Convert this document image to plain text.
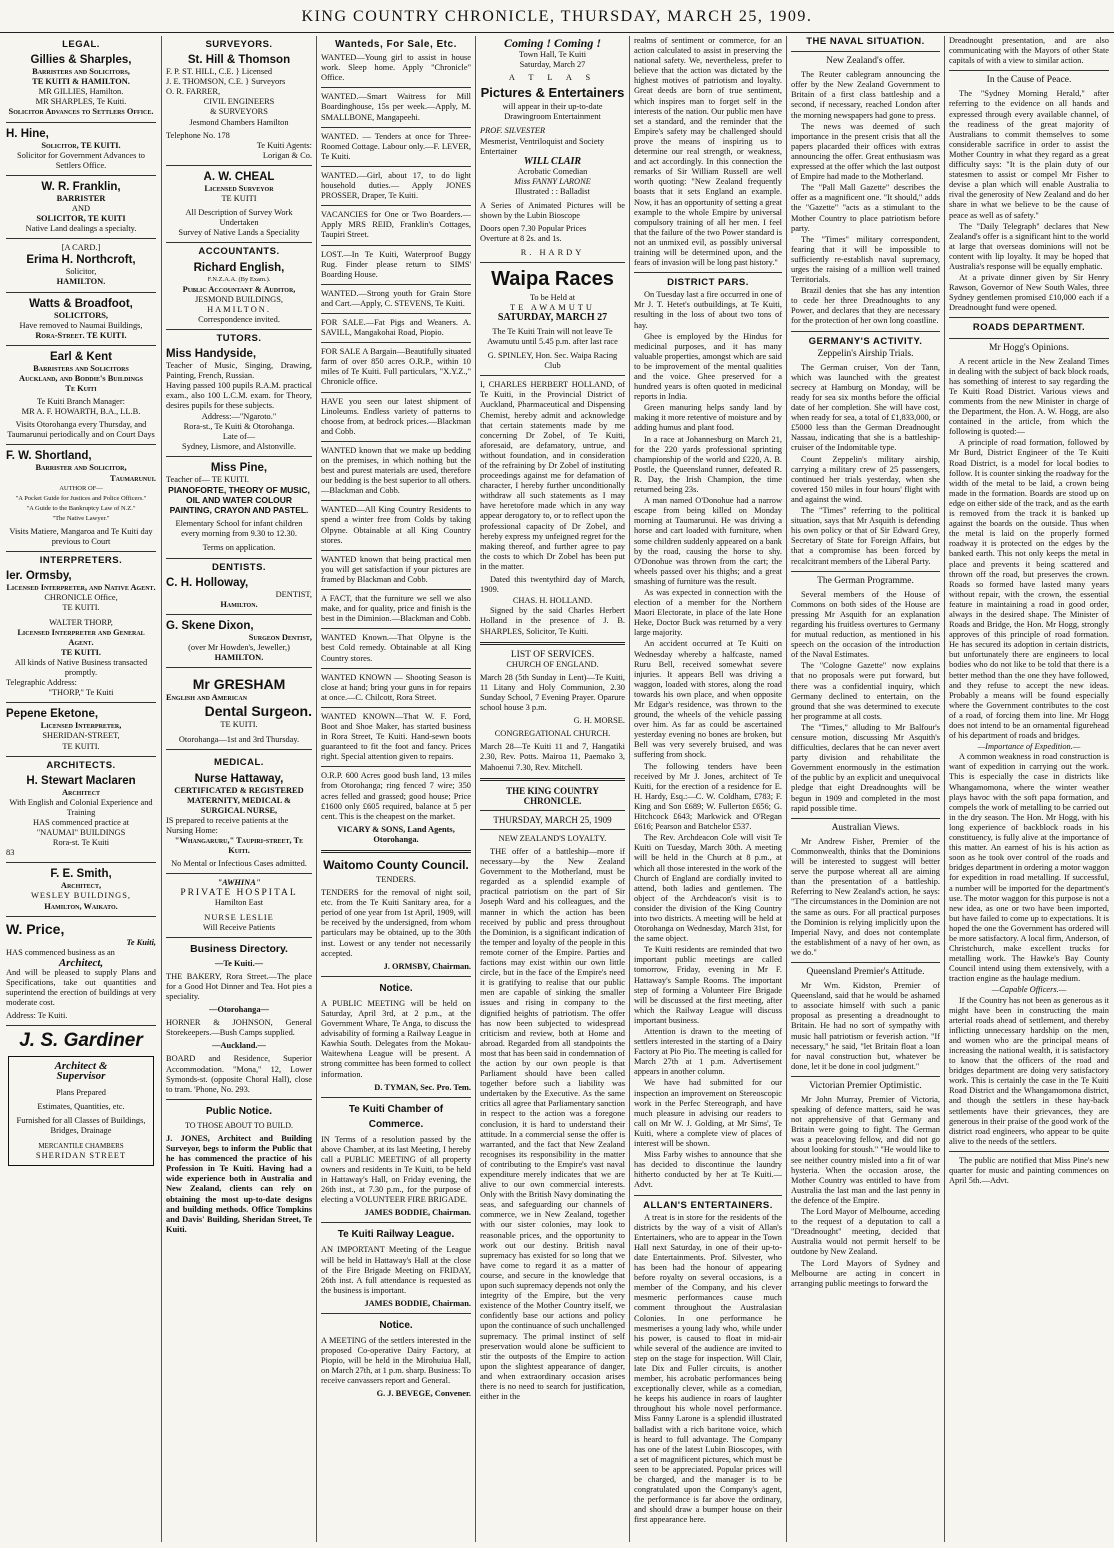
KING COUNTRY CHRONICLE, THURSDAY, MARCH 25, 1909.
LEGAL.
Gillies & Sharples,
Barristers and Solicitors,
TE KUITI & HAMILTON.
MR GILLIES, Hamilton.
MR SHARPLES, Te Kuiti.
Solicitor Advances to Settlers Office.
H. Hine,
Solicitor, TE KUITI.
Solicitor for Government Advances to Settlers Office.
W. R. Franklin,
BARRISTER
AND
SOLICITOR, TE KUITI
Native Land dealings a specialty.
[A CARD.]
Erima H. Northcroft,
Solicitor,
HAMILTON.
Watts & Broadfoot,
SOLICITORS,
Have removed to Naumai Buildings,
Rora-Street. TE KUITI.
Earl & Kent
Barristers and Solicitors
Auckland, and Boddie's Buildings
Te Kuiti
Te Kuiti Branch Manager:
MR A. F. HOWARTH, B.A., LL.B.
Visits Otorohanga every Thursday, and Taumarunui periodically and on Court Days
F. W. Shortland,
Barrister and Solicitor,
Taumarunui.
AUTHOR OF—
"A Pocket Guide for Justices and Police Officers."
"A Guide to the Bankruptcy Law of N.Z."
"The Native Lawyer."
Visits Matiere, Mangaroa and Te Kuiti day previous to Court
INTERPRETERS.
Ier. Ormsby,
Licensed Interpreter, and Native Agent.
CHRONICLE Office,
TE KUITI.
WALTER THORP,
Licensed Interpreter and General Agent.
TE KUITI.
All kinds of Native Business transacted promptly.
Telegraphic Address:
"THORP," Te Kuiti
Pepene Eketone,
Licensed Interpreter,
SHERIDAN-STREET,
TE KUITI.
ARCHITECTS.
H. Stewart Maclaren
Architect
With English and Colonial Experience and Training
HAS commenced practice at
"NAUMAI" BUILDINGS
Rora-st. Te Kuiti
83
F. E. Smith,
Architect,
WESLEY BUILDINGS,
Hamilton, Waikato.
W. Price,
Te Kuiti,
HAS commenced business as an
Architect,
And will be pleased to supply Plans and Specifications, take out quantities and superintend the erection of buildings at very moderate cost.
Address: Te Kuiti.
J. S. Gardiner
Architect &
Supervisor
Plans Prepared
Estimates, Quantities, etc.
Furnished for all Classes of Buildings, Bridges, Drainage
MERCANTILE CHAMBERS
SHERIDAN STREET
SURVEYORS.
St. Hill & Thomson
F. P. ST. HILL, C.E. } Licensed
J. E. THOMSON, C.E. } Surveyors
O. R. FARRER,
CIVIL ENGINEERS
& SURVEYORS
Jesmond Chambers Hamilton
Telephone No. 178
Te Kuiti Agents:
Lorigan & Co.
A. W. CHEAL
Licensed Surveyor
TE KUITI
All Description of Survey Work Undertaken
Survey of Native Lands a Speciality
ACCOUNTANTS.
Richard English,
F.N.Z.A.A. (By Exam.).
Public Accountant & Auditor,
JESMOND BUILDINGS,
HAMILTON.
Correspondence invited.
TUTORS.
Miss Handyside,
Teacher of Music, Singing, Drawing, Painting, French, Russian.
Having passed 100 pupils R.A.M. practical exam., also 100 L.C.M. exam. for Theory, desires pupils for these subjects.
Address:—"Ngaroto."
Rora-st., Te Kuiti & Otorohanga.
Late of—
Sydney, Lismore, and Alstonville.
Miss Pine,
Teacher of— TE KUITI.
PIANOFORTE, THEORY OF MUSIC, OIL AND WATER COLOUR PAINTING, CRAYON AND PASTEL.
Elementary School for infant children every morning from 9.30 to 12.30.
Terms on application.
DENTISTS.
C. H. Holloway,
DENTIST,
Hamilton.
G. Skene Dixon,
Surgeon Dentist,
(over Mr Howden's, Jeweller,)
HAMILTON.
Mr GRESHAM
English and American
Dental Surgeon.
TE KUITI.
Otorohanga—1st and 3rd Thursday.
MEDICAL.
Nurse Hattaway,
CERTIFICATED & REGISTERED MATERNITY, MEDICAL & SURGICAL NURSE,
IS prepared to receive patients at the Nursing Home:
"Whangaruru," Taupiri-street, Te Kuiti.
No Mental or Infectious Cases admitted.
"AWHINA"
PRIVATE HOSPITAL
Hamilton East
NURSE LESLIE
Will Receive Patients
Business Directory.
—Te Kuiti.—
THE BAKERY, Rora Street.—The place for a Good Hot Dinner and Tea. Hot pies a speciality.
—Otorohanga—
HORNER & JOHNSON, General Storekeepers.—Bush Camps supplied.
—Auckland.—
BOARD and Residence, Superior Accommodation. "Mona," 12, Lower Symonds-st. (opposite Choral Hall), close to tram. 'Phone, No. 293.
Public Notice.
TO THOSE ABOUT TO BUILD.
J. JONES, Architect and Building Surveyor, begs to inform the Public that he has commenced the practice of his Profession in Te Kuiti. Having had a wide experience both in Australia and New Zealand, clients can rely on obtaining the most up-to-date designs and building methods. Office Tompkins and Davis' Building, Sheridan Street, Te Kuiti.
Wanteds, For Sale, Etc.
WANTED—Young girl to assist in house work. Sleep home. Apply "Chronicle" Office.
WANTED.—Smart Waitress for Mill Boardinghouse, 15s per week.—Apply, M. SMALLBONE, Mangapeehi.
WANTED. — Tenders at once for Three-Roomed Cottage. Labour only.—F. LEVER, Te Kuiti.
WANTED.—Girl, about 17, to do light household duties.— Apply JONES PROSSER, Draper, Te Kuiti.
VACANCIES for One or Two Boarders.—Apply MRS REID, Franklin's Cottages, Taupiri Street.
LOST.—In Te Kuiti, Waterproof Buggy Rug. Finder please return to SIMS' Boarding House.
WANTED.—Strong youth for Grain Store and Cart.—Apply, C. STEVENS, Te Kuiti.
FOR SALE.—Fat Pigs and Weaners. A. SAVILL, Mangakohai Road, Piopio.
FOR SALE A Bargain—Beautifully situated farm of over 850 acres O.R.P., within 10 miles of Te Kuiti. Full particulars, "X.Y.Z.," Chronicle office.
HAVE you seen our latest shipment of Linoleums. Endless variety of patterns to choose from, at bedrock prices.—Blackman and Cobb.
WANTED known that we make up bedding on the premises, in which nothing but the best and purest materials are used, therefore our bedding is the best superior to all others.—Blackman and Cobb.
WANTED—All King Country Residents to spend a winter free from Colds by taking Olpyne. Obtainable at all King Country stores.
WANTED known that being practical men you will get satisfaction if your pictures are framed by Blackman and Cobb.
A FACT, that the furniture we sell we also make, and for quality, price and finish is the best in the Diminion.—Blackman and Cobb.
WANTED Known.—That Olpyne is the best Cold remedy. Obtainable at all King Country stores.
WANTED KNOWN — Shooting Season is close at hand; bring your guns in for repairs at once.—C. Chilcott, Rora Street.
WANTED KNOWN—That W. F. Ford, Boot and Shoe Maker, has started business in Rora Street, Te Kuiti. Hand-sewn boots guaranteed to fit the foot and fancy. Prices right. Special attention given to repairs.
O.R.P. 600 Acres good bush land, 13 miles from Otorohanga; ring fenced 7 wire; 350 acres felled and grassed; good house; Price £1600 only £605 required, balance at 5 per cent. This is the cheapest on the market.
VICARY & SONS, Land Agents, Otorohanga.
Waitomo County Council.
TENDERS.
TENDERS for the removal of night soil, etc. from the Te Kuiti Sanitary area, for a period of one year from 1st April, 1909, will be received by the undersigned, from whom particulars may be obtained, up to the 30th inst. Lowest or any tender not necessarily accepted.
J. ORMSBY, Chairman.
Notice.
A PUBLIC MEETING will be held on Saturday, April 3rd, at 2 p.m., at the Government Whare, Te Anga, to discuss the advisability of forming a Railway League in Kawhia South. Delegates from the Mokau-Waitewhena League will be present. A strong committee has been formed to collect information.
D. TYMAN, Sec. Pro. Tem.
Te Kuiti Chamber of Commerce.
IN Terms of a resolution passed by the above Chamber, at its last Meeting, I hereby call a PUBLIC MEETING of all property owners and residents in Te Kuiti, to be held in Hattaway's Hall, on Friday evening, the 26th inst., at 7.30 p.m., for the purpose of electing a VOLUNTEER FIRE BRIGADE.
JAMES BODDIE, Chairman.
Te Kuiti Railway League.
AN IMPORTANT Meeting of the League will be held in Hattaway's Hall at the close of the Fire Brigade Meeting on FRIDAY, 26th inst. A full attendance is requested as the business is important.
JAMES BODDIE, Chairman.
Notice.
A MEETING of the settlers interested in the proposed Co-operative Dairy Factory, at Piopio, will be held in the Mirohuiua Hall, on March 27th, at 1 p.m. sharp. Business: To receive canvassers report and General.
G. J. BEVEGE, Convener.
Coming ! Coming !
Town Hall, Te Kuiti
Saturday, March 27
A T L A S
Pictures & Entertainers
will appear in their up-to-date Drawingroom Entertainment
PROF. SILVESTER
Mesmerist, Ventriloquist and Society Entertainer
WILL CLAIR
Acrobatic Comedian
Miss FANNY LARONE
Illustrated : : Balladist
A Series of Animated Pictures will be shown by the Lubin Bioscope
Doors open 7.30 Popular Prices
Overture at 8 2s. and 1s.
R. HARDY
Waipa Races
To be Held at
TE AWAMUTU
SATURDAY, MARCH 27
The Te Kuiti Train will not leave Te Awamutu until 5.45 p.m. after last race
G. SPINLEY, Hon. Sec. Waipa Racing Club
I, CHARLES HERBERT HOLLAND, of Te Kuiti, in the Provincial District of Auckland, Pharmaceutical and Dispensing Chemist, hereby admit and acknowledge that certain statements made by me concerning Dr Zobel, of Te Kuiti, aforesaid, are defamatory, untrue, and without foundation, and in consideration of the refraining by Dr Zobel of instituting proceedings against me for defamation of character, I hereby further unconditionally withdraw all such statements as I may have heretofore made which in any way appear derogatory to, or to reflect upon the professional capacity of Dr Zobel, and hereby express my unfeigned regret for the making thereof, and further agree to pay the costs to which Dr Zobel has been put in the matter.
Dated this twentythird day of March, 1909.
CHAS. H. HOLLAND.
Signed by the said Charles Herbert Holland in the presence of J. B. SHARPLES, Solicitor, Te Kuiti.
LIST OF SERVICES.
CHURCH OF ENGLAND.
March 28 (5th Sunday in Lent)—Te Kuiti, 11 Litany and Holy Communion, 2.30 Sunday School, 7 Evening Prayer. Oparure school house 3 p.m.
G. H. MORSE.
CONGREGATIONAL CHURCH.
March 28—Te Kuiti 11 and 7, Hangatiki 2.30, Rev. Potts. Mairoa 11, Paemako 3, Mahoenui 7.30, Rev. Mitchell.
THE KING COUNTRY CHRONICLE.
THURSDAY, MARCH 25, 1909
NEW ZEALAND'S LOYALTY.
THE offer of a battleship—more if necessary—by the New Zealand Government to the Motherland, must be regarded as a splendid example of practical patriotism on the part of Sir Joseph Ward and his colleagues, and the manner in which the action has been received by public and press throughout the Dominion, is a significant indication of the temper and loyalty of the people in this remote corner of the Empire. Parties and factions may exist within our own little circle, but in the face of the Empire's need it is gratifying to realise that our public men are capable of sinking the smaller issues and rising in company to the dignified heights of patriotism. The offer has now been subjected to widespread criticism and review, both at Home and abroad. Regarded from all standpoints the most that has been said in condemnation of the action by our own people is that Parliament should have been called together before such a liability was undertaken by the Executive. As the same critics all agree that Parliamentary sanction in respect to the action was a foregone conclusion, it is hard to understand their attitude. In a commercial sense the offer is warranted, and the fact that New Zealand recognises its responsibility in the matter of contributing to the Empire's vast naval expenditure merely indicates that we are alive to our own commercial interests. Only with the British Navy dominating the seas, and safeguarding our channels of commerce, we in New Zealand, together with our sister colonies, may look to reasonable prices, and the opportunity to work out our destiny. British naval supremacy has existed for so long that we have come to regard it as a matter of course, and secure in the knowledge that upon such supremacy depends not only the integrity of the Empire, but the very existence of the Mother Country itself, we confidently base our actions and policy upon the continuance of such unchallenged supremacy. The primal instinct of self preservation would alone be sufficient to stir the outposts of the Empire to action upon the slightest appearance of danger, and when extraordinary occasion arises there is no need to search for justification, either in the
realms of sentiment or commerce, for an action calculated to assist in preserving the national safety. We, nevertheless, prefer to believe that the action was dictated by the highest motives of patriotism and loyalty. Great deeds are born of true sentiment, which inspires man to forget self in the interests of the nation. Our public men have set a standard, and the reminder that the Empire's safety may be challenged should prove the means of inspiring us to determine our real strength, or weakness, and act accordingly. In this connection the remarks of Sir William Russell are well worth quoting: "New Zealand frequently boasts that it sets England an example. Now, it has an opportunity of setting a great example to the whole Empire by universal compulsory training of all her men. I feel that the failure of the two Power standard is not an unmixed evil, as possibly universal training will be determined upon, and the fears of invasion will be long past history."
DISTRICT PARS.
On Tuesday last a fire occurred in one of Mr J. T. Hetet's outbuildings, at Te Kuiti, resulting in the loss of about two tons of hay.
Ghee is employed by the Hindus for medicinal purposes, and it has many valuable properties, amongst which are said to be improvement of the mental qualities and the voice. Ghee preserved for a hundred years is often quoted in medicinal reports in India.
Green manuring helps sandy land by making it more retentive of moisture and by adding humus and plant food.
In a race at Johannesburg on March 21, for the 220 yards professional sprinting championship of the world and £220, A. B. Postle, the Queensland runner, defeated R. R. Day, the Irish Champion, the time returned being 23s.
A man named O'Donohue had a narrow escape from being killed on Monday morning at Taumarunui. He was driving a horse and cart loaded with furniture, when some children suddenly appeared on a bank by the road, causing the horse to shy. O'Donohue was thrown from the cart; the wheels passed over his thighs; and a great smashing of furniture was the result.
As was expected in connection with the election of a member for the Northern Maori Electorate, in place of the late Hone Heke, Doctor Buck was returned by a very large majority.
An accident occurred at Te Kuiti on Wednesday whereby a halfcaste, named Ruru Bell, received somewhat severe injuries. It appears Bell was driving a waggon, loaded with stores, along the road towards his own place, and when opposite Mr Edgar's residence, was thrown to the ground, the wheels of the vehicle passing over him. As far as could be ascertained yesterday evening no bones are broken, but Bell was very severely bruised, and was suffering from shock.
The following tenders have been received by Mr J. Jones, architect of Te Kuiti, for the erection of a residence for E. H. Hardy, Esq.:—C. W. Coldham, £783; F. King and Son £689; W. Fullerton £656; G. Hitchcock £643; Markwick and O'Regan £616; Pearson and Batchelor £537.
The Rev. Archdeacon Cole will visit Te Kuiti on Tuesday, March 30th. A meeting will be held in the Church at 8 p.m., at which all those interested in the work of the Church of England are cordially invited to attend, both ladies and gentlemen. The object of the Archdeacon's visit is to consider the division of the King Country into two districts. A meeting will be held at Otorohanga on Wednesday, March 31st, for the same object.
Te Kuiti residents are reminded that two important public meetings are called tomorrow, Friday, evening in Mr F. Hattaway's Sample Rooms. The important step of forming a Volunteer Fire Brigade will be discussed at the first meeting, after which the Railway League will discuss important business.
Attention is drawn to the meeting of settlers interested in the starting of a Dairy Factory at Pio Pio. The meeting is called for March 27th at 1 p.m. Advertisement appears in another column.
We have had submitted for our inspection an improvement on Stereoscopic work in the Perfec Stereograph, and have much pleasure in advising our readers to call on Mr W. J. Golding, at Mr Sims', Te Kuiti, where a complete view of places of interest will be shown.
Miss Farby wishes to announce that she has decided to discontinue the laundry hitherto conducted by her at Te Kuiti.—Advt.
ALLAN'S ENTERTAINERS.
A treat is in store for the residents of the districts by the way of a visit of Allan's Entertainers, who are to appear in the Town Hall next Saturday, in one of their up-to-date Entertainments. Prof. Silvester, who has been had the honour of appearing before royalty on several occasions, is a member of the Company, and his clever mesmeric performances cause much comment throughout the Australasian Colonies. In one performance he mesmerises a young lady who, while under his power, is caused to float in mid-air while several of the audience are invited to step on the stage for inspection. Will Clair, late Dix and Fuller circuits, is another member, his acrobatic performances being exceptionally clever, while as a comedian, he keeps his audience in roars of laughter throughout his whole novel performance. Miss Fanny Larone is a splendid illustrated balladist with a rich baritone voice, which is heard to full advantage. The Company has one of the latest Lubin Bioscopes, with a set of magnificent pictures, which must be seen to be appreciated. Popular prices will be charged, and the manager is to be congratulated upon the Company's agent, the performance is far above the ordinary, and should draw a bumper house on their first appearance here.
THE NAVAL SITUATION.
New Zealand's offer.
The Reuter cablegram announcing the offer by the New Zealand Government to Britain of a first class battleship and a second, if necessary, reached London after the morning newspapers had gone to press.
The news was deemed of such importance in the present crisis that all the papers placarded their offices with extras announcing the offer. Great enthusiasm was expressed at the offer which the last outpost of Empire had made to the Motherland.
The "Pall Mall Gazette" describes the offer as a magnificent one. "It should," adds the "Gazette" "acts as a stimulant to the Mother Country to place patriotism before party.
The "Times" military correspondent, fearing that it will be impossible to sufficiently re-establish naval supremacy, urges the raising of a million well trained Territorials.
Brazil denies that she has any intention to cede her three Dreadnoughts to any Power, and declares that they are necessary for the protection of her own long coastline.
GERMANY'S ACTIVITY.
Zeppelin's Airship Trials.
The German cruiser, Von der Tann, which was launched with the greatest secrecy at Hamburg on Monday, will be ready for sea six months before the official date of her completion. She will have cost, when ready for sea, a total of £1,833,000, or £5000 less than the German Dreadnought Nassau, indicating that she is a battleship-cruiser of the Indomitable type.
Count Zeppelin's military airship, carrying a military crew of 25 passengers, continued her trials yesterday, when she covered 150 miles in four hours' flight with and against the wind.
The "Times" referring to the political situation, says that Mr Asquith is defending his own policy or that of Sir Edward Grey, Secretary of State for Foreign Affairs, but that a compromise has been forced by recalcitrant members of the Liberal Party.
The German Programme.
Several members of the House of Commons on both sides of the House are pressing Mr Asquith for an explanation regarding his fruitless overtures to Germany for mutual reduction, as mentioned in his speech on the occasion of the introduction of the Naval Estimates.
The "Cologne Gazette" now explains that no proposals were put forward, but there was a confidential inquiry, which Germany declined to entertain, on the ground that she was determined to execute her programme at all costs.
The "Times," alluding to Mr Balfour's censure motion, discussing Mr Asquith's difficulties, declares that he can never avert party division and rehabilitate the Government enormously in the estimation of the public by an explicit and unequivocal pledge that eight Dreadnoughts will be begun in 1909 and completed in the most rapid possible time.
Australian Views.
Mr Andrew Fisher, Premier of the Commonwealth, thinks that the Dominions will be interested to suggest will better serve the purpose whereat all are aiming than the presentation of a battleship. Referring to New Zealand's action, he says: "The circumstances in the Dominion are not the same as ours. For all practical purposes the Dominion is relying implicitly upon the Imperial Navy, and does not contemplate the establishment of a navy of her own, as we do."
Queensland Premier's Attitude.
Mr Wm. Kidston, Premier of Queensland, said that he would be ashamed to associate himself with such a panic proposal as presenting a dreadnought to Britain. He had no sort of sympathy with music hall patriotism or feverish action. "If necessary," he said, "let Britain float a loan for naval construction but, whatever be done, let it be done in cool judgment."
Victorian Premier Optimistic.
Mr John Murray, Premier of Victoria, speaking of defence matters, said he was not apprehensive of that Germany and Britain were going to fight. The German was a peaceloving fellow, and did not go about looking for stoush." "He would like to see neither country misled into a fit of war hysteria. When the occasion arose, the Mother Country was entitled to have from Australia the last man and the last penny in the defence of the Empire.
The Lord Mayor of Melbourne, acceding to the request of a deputation to call a "Dreadnought" meeting, decided that Australia would not permit herself to be outdone by New Zealand.
The Lord Mayors of Sydney and Melbourne are acting in concert in arranging public meetings to forward the
Dreadnought presentation, and are also communicating with the Mayors of other State capitals of with a view to similar action.
In the Cause of Peace.
The "Sydney Morning Herald," after referring to the evidence on all hands and expressed through every available channel, of the readiness of the great majority of Australians to commit themselves to some considerable sacrifice in order to assist the Mother Country in what they regard as a great difficulty says: "It is the plain duty of our statesmen to assist or compel Mr Fisher to devise a plan which will enable Australia to rival the generosity of New Zealand and do her share in what we believe to be the cause of peace as well as of safety."
The "Daily Telegraph" declares that New Zealand's offer is a significant hint to the world at large that overseas dominions will not be content with lip loyalty. It may be hoped that Australia's response will be equally emphatic.
At a private dinner given by Sir Henry Rawson, Governor of New South Wales, three Sydney gentlemen promised £10,000 each if a Dreadnought fund were opened.
ROADS DEPARTMENT.
Mr Hogg's Opinions.
A recent article in the New Zealand Times in dealing with the subject of back block roads, has something of interest to say regarding the Te Kuiti Road District. Various views and comments from the new Minister in charge of the Department, the Hon. A. W. Hogg, are also contained in the article, from which the following is quoted:—
A principle of road formation, followed by Mr Burd, District Engineer of the Te Kuiti Road District, is a model for local bodies to follow. It is counter sinking the roadway for the width of the metal to be laid, a crown being made in the formation. Boards are stood up on edge on either side of the track, and as the earth is removed from the track it is banked up against the boards on the outside. Thus when the metal is laid on the properly formed roadway it is protected on the edges by the banked earth. This not only keeps the metal in place and prevents it being scattered and thrown off the road, but preserves the crown. Roads so formed have lasted many years without repair, with the crown, the essential feature in maintaining a road in good order, always in the desired shape. The Minister of Roads and Bridge, the Hon. Mr Hogg, strongly approves of this principle of road formation. He has secured its adoption in certain districts, but unfortunately there are engineers to local bodies who do not like to be told that there is a better method than the one they have followed, and they refuse to accept the new ideas. Probably a means will be found especially where the Government contributes to the cost of a road, of forcing them into line. Mr Hogg does not intend to be an ornamental figurehead of his department of roads and bridges.
—Importance of Expedition.—
A common weakness in road construction is want of expedition in carrying out the work. This is especially the case in districts like Whangamomona, where the winter weather plays havoc with the soft papa formation, and compels the work of metalling to be carried out in the dry season. The Hon. Mr Hogg, with his long experience of backblock roads in his constituency, is fully alive at the importance of this matter. An earnest of his is his action as soon as he took over control of the roads and bridges department in ordering a motor waggon for expedition in road metalling. If successful, a number will be imported for the department's use. The motor waggon for this purpose is not a new idea, as one or two have been imported, but have failed to come up to expectations. It is hoped the one the Government has ordered will be more satisfactory. A local firm, Anderson, of Christchurch, make excellent trucks for metalling work. The Hawke's Bay County Council intend using them extensively, with a traction engine as the haulage medium.
—Capable Officers.—
If the Country has not been as generous as it might have been in constructing the main arterial roads ahead of settlement, and thereby inflicting unnecessary hardship on the men, and women who are the principal means of increasing the national wealth, it is satisfactory to know that the officers of the road and bridges department are doing very satisfactory work. This is certainly the case in the Te Kuiti Road District and the Whangamomona district, and though the settlers in these hay-back settlements have their grievances, they are generous in their praise of the good work of the district road engineers, who appear to be quite alive to the needs of the settlers.
The public are notified that Miss Pine's new quarter for music and painting commences on April 5th.—Advt.
